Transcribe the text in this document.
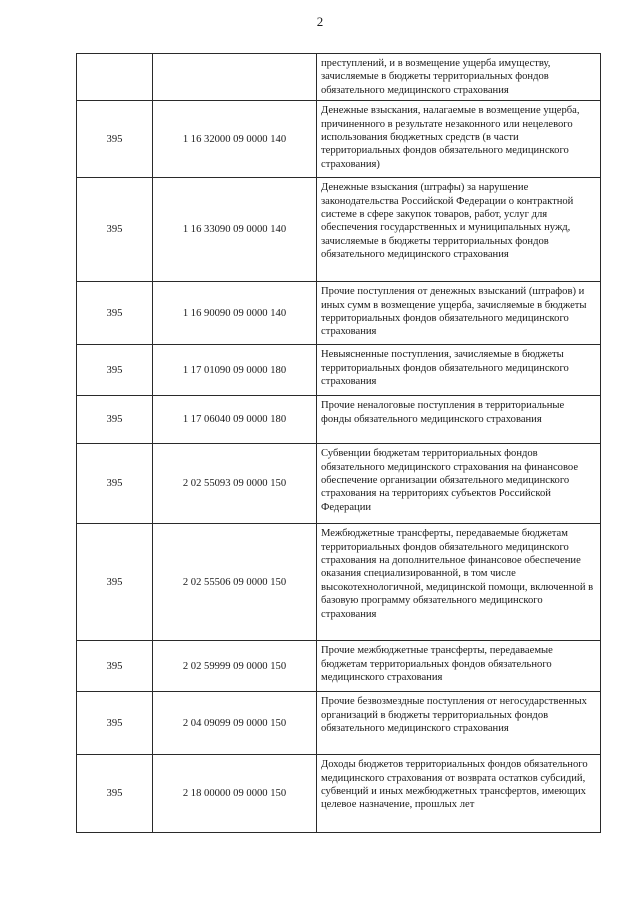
2
		преступлений, и в возмещение ущерба имуществу, зачисляемые в бюджеты территориальных фондов обязательного медицинского страхования
395	1 16 32000 09 0000 140	Денежные взыскания, налагаемые в возмещение ущерба, причиненного в результате незаконного или нецелевого использования бюджетных средств (в части территориальных фондов обязательного медицинского страхования)
395	1 16 33090 09 0000 140	Денежные взыскания (штрафы) за нарушение законодательства Российской Федерации о контрактной системе в сфере закупок товаров, работ, услуг для обеспечения государственных и муниципальных нужд, зачисляемые в бюджеты территориальных фондов обязательного медицинского страхования
395	1 16 90090 09 0000 140	Прочие поступления от денежных взысканий (штрафов) и иных сумм в возмещение ущерба, зачисляемые в бюджеты территориальных фондов обязательного медицинского страхования
395	1 17 01090 09 0000 180	Невыясненные поступления, зачисляемые в бюджеты территориальных фондов обязательного медицинского страхования
395	1 17 06040 09 0000 180	Прочие неналоговые поступления в территориальные фонды обязательного медицинского страхования
395	2 02 55093 09 0000 150	Субвенции бюджетам территориальных фондов обязательного медицинского страхования на финансовое обеспечение организации обязательного медицинского страхования на территориях субъектов Российской Федерации
395	2 02 55506 09 0000 150	Межбюджетные трансферты, передаваемые бюджетам территориальных фондов обязательного медицинского страхования на дополнительное финансовое обеспечение оказания специализированной, в том числе высокотехнологичной, медицинской помощи, включенной в базовую программу обязательного медицинского страхования
395	2 02 59999 09 0000 150	Прочие межбюджетные трансферты, передаваемые бюджетам территориальных фондов обязательного медицинского страхования
395	2 04 09099 09 0000 150	Прочие безвозмездные поступления от негосударственных организаций в бюджеты территориальных фондов обязательного медицинского страхования
395	2 18 00000 09 0000 150	Доходы бюджетов территориальных фондов обязательного медицинского страхования от возврата остатков субсидий, субвенций и иных межбюджетных трансфертов, имеющих целевое назначение, прошлых лет
